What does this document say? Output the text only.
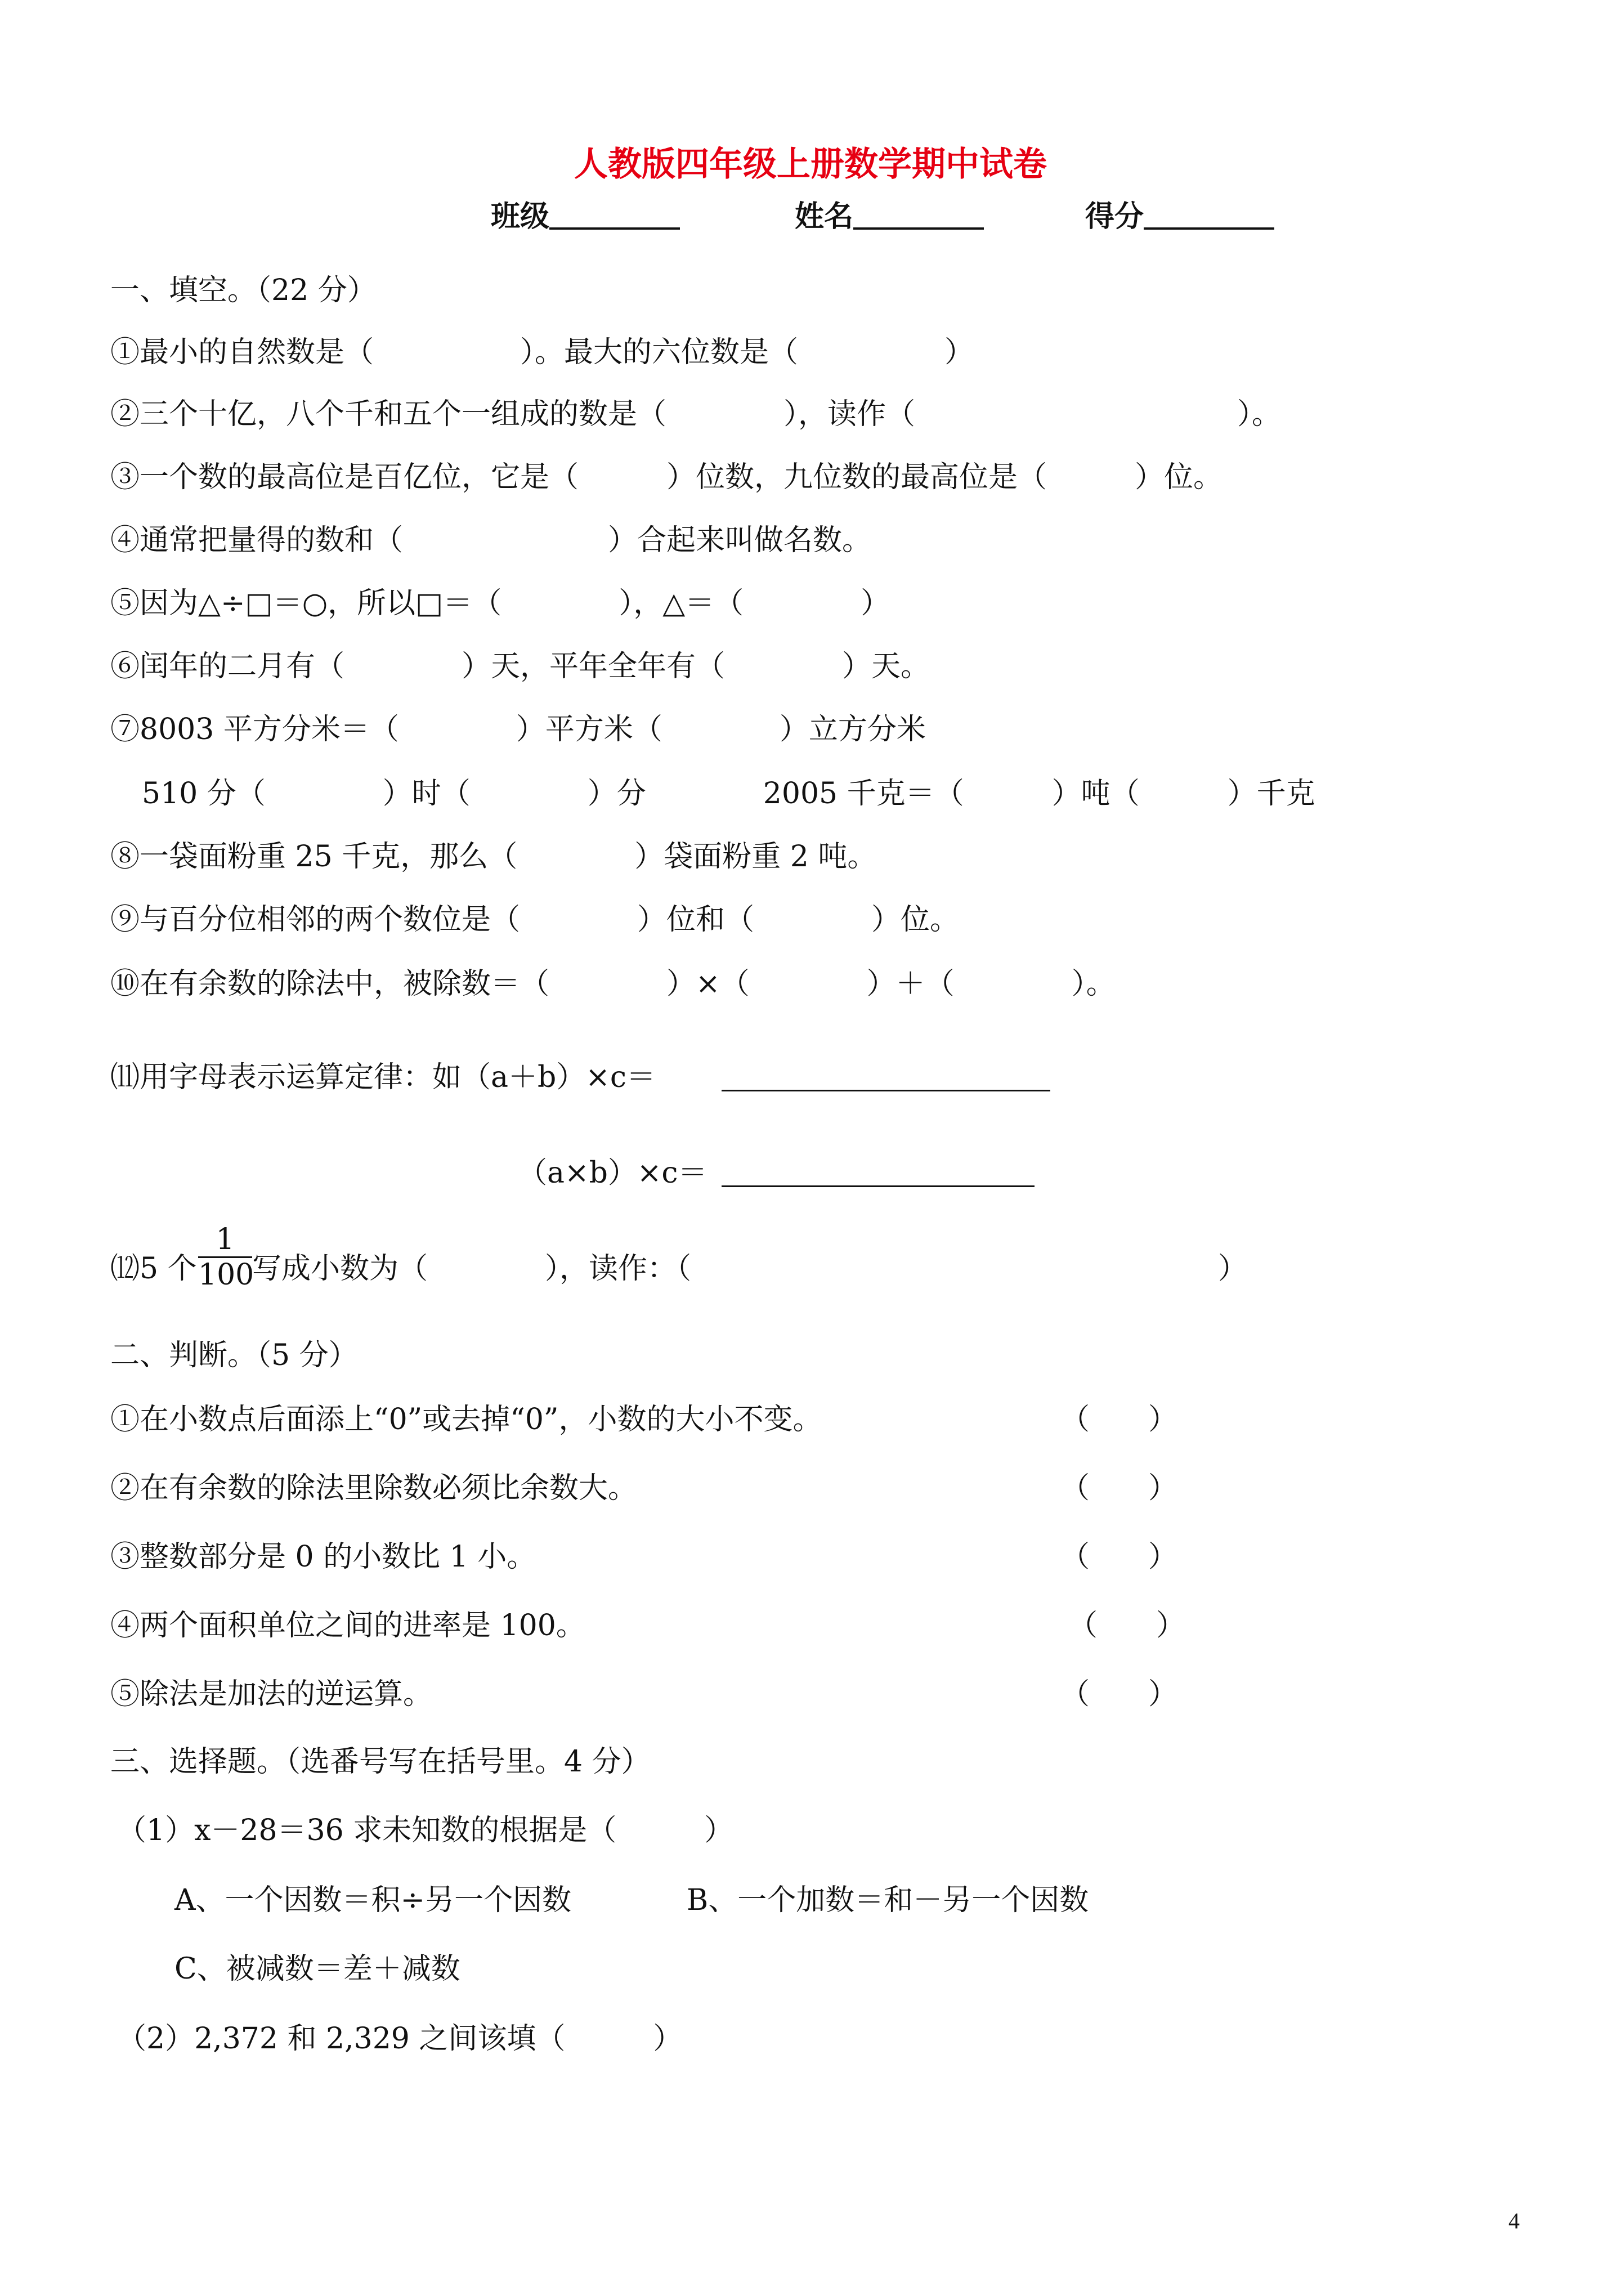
人教版四年级上册数学期中试卷
班级	姓名	得分
一、填空。（22 分）
①最小的自然数是（　　　　　）。最大的六位数是（　　　　　）
②三个十亿，八个千和五个一组成的数是（　　　　），读作（　　　　　　　　　　　）。
③一个数的最高位是百亿位，它是（　　　）位数，九位数的最高位是（　　　）位。
④通常把量得的数和（　　　　　　　）合起来叫做名数。
⑤因为△÷□＝○，所以□＝（　　　　），△＝（　　　　）
⑥闰年的二月有（　　　　）天，平年全年有（　　　　）天。
⑦8003 平方分米＝（　　　　）平方米（　　　　）立方分米
510 分（　　　　）时（　　　　）分　　　　2005 千克＝（　　　）吨（　　　）千克
⑧一袋面粉重 25 千克，那么（　　　　）袋面粉重 2 吨。
⑨与百分位相邻的两个数位是（　　　　）位和（　　　　）位。
⑩在有余数的除法中，被除数＝（　　　　）×（　　　　）＋（　　　　）。
⑾用字母表示运算定律：如（a＋b）×c＝
（a×b）×c＝
⑿5 个
1
100
写成小数为（　　　　），读作：（　　　　　　　　　　　　　　　　　　）
二、判断。（5 分）
①在小数点后面添上“0”或去掉“0”，小数的大小不变。	（　　）
②在有余数的除法里除数必须比余数大。	（　　）
③整数部分是 0 的小数比 1 小。	（　　）
④两个面积单位之间的进率是 100。	（　　）
⑤除法是加法的逆运算。	（　　）
三、选择题。（选番号写在括号里。4 分）
（1）x－28＝36 求未知数的根据是（　　　）
A、一个因数＝积÷另一个因数	B、一个加数＝和－另一个因数
C、被减数＝差＋减数
（2）2,372 和 2,329 之间该填（　　　）
4
